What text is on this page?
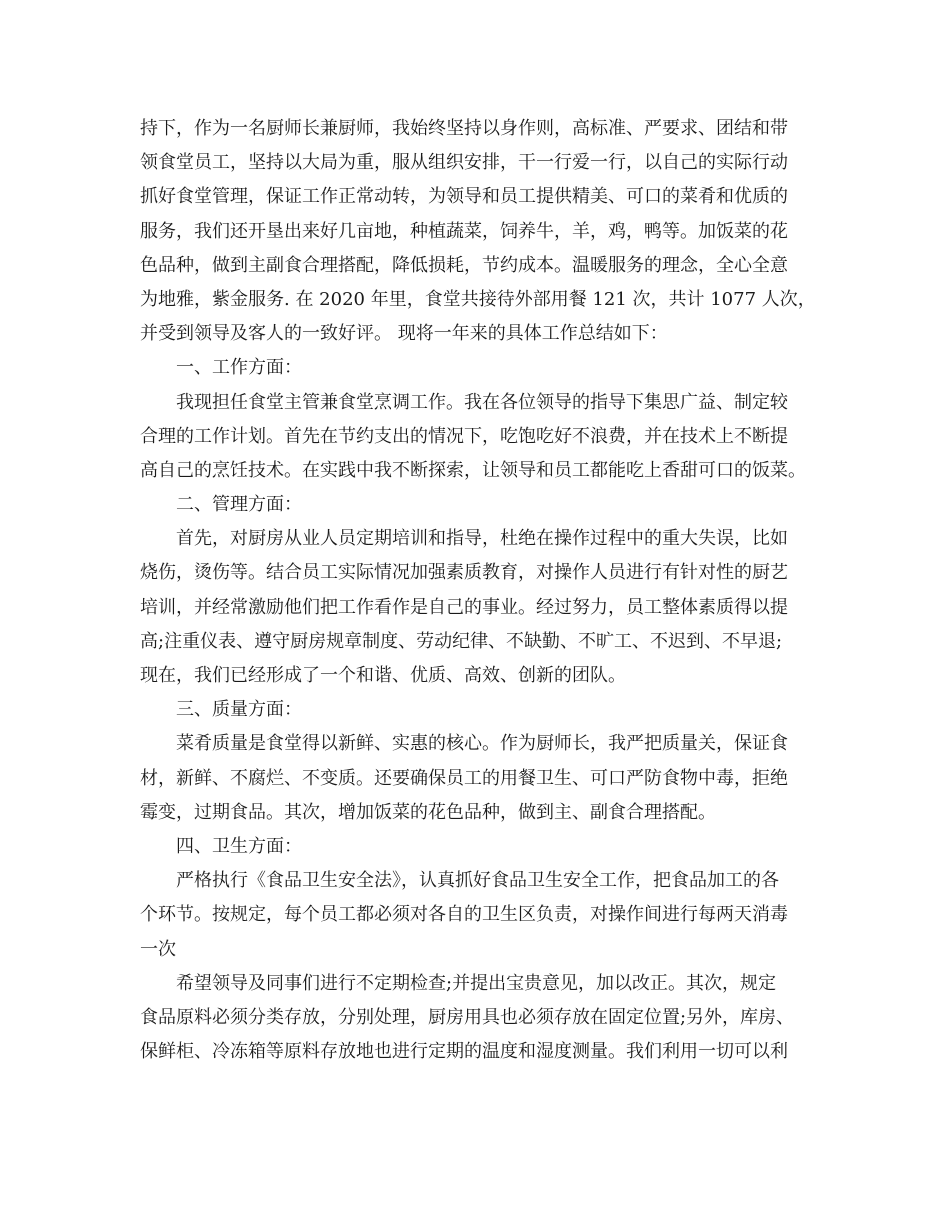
持下，作为一名厨师长兼厨师，我始终坚持以身作则，高标准、严要求、团结和带
领食堂员工，坚持以大局为重，服从组织安排，干一行爱一行，以自己的实际行动
抓好食堂管理，保证工作正常动转，为领导和员工提供精美、可口的菜肴和优质的
服务，我们还开垦出来好几亩地，种植蔬菜，饲养牛，羊，鸡，鸭等。加饭菜的花
色品种，做到主副食合理搭配，降低损耗，节约成本。温暖服务的理念，全心全意
为地雅，紫金服务. 在 2020 年里，食堂共接待外部用餐 121 次，共计 1077 人次，
并受到领导及客人的一致好评。 现将一年来的具体工作总结如下：
一、工作方面：
我现担任食堂主管兼食堂烹调工作。我在各位领导的指导下集思广益、制定较
合理的工作计划。首先在节约支出的情况下，吃饱吃好不浪费，并在技术上不断提
高自己的烹饪技术。在实践中我不断探索，让领导和员工都能吃上香甜可口的饭菜。
二、管理方面：
首先，对厨房从业人员定期培训和指导，杜绝在操作过程中的重大失误，比如
烧伤，烫伤等。结合员工实际情况加强素质教育，对操作人员进行有针对性的厨艺
培训，并经常激励他们把工作看作是自己的事业。经过努力，员工整体素质得以提
高;注重仪表、遵守厨房规章制度、劳动纪律、不缺勤、不旷工、不迟到、不早退;
现在，我们已经形成了一个和谐、优质、高效、创新的团队。
三、质量方面：
菜肴质量是食堂得以新鲜、实惠的核心。作为厨师长，我严把质量关，保证食
材，新鲜、不腐烂、不变质。还要确保员工的用餐卫生、可口严防食物中毒，拒绝
霉变，过期食品。其次，增加饭菜的花色品种，做到主、副食合理搭配。
四、卫生方面：
严格执行《食品卫生安全法》，认真抓好食品卫生安全工作，把食品加工的各
个环节。按规定，每个员工都必须对各自的卫生区负责，对操作间进行每两天消毒
一次
希望领导及同事们进行不定期检查;并提出宝贵意见，加以改正。其次，规定
食品原料必须分类存放，分别处理，厨房用具也必须存放在固定位置;另外，库房、
保鲜柜、冷冻箱等原料存放地也进行定期的温度和湿度测量。我们利用一切可以利
